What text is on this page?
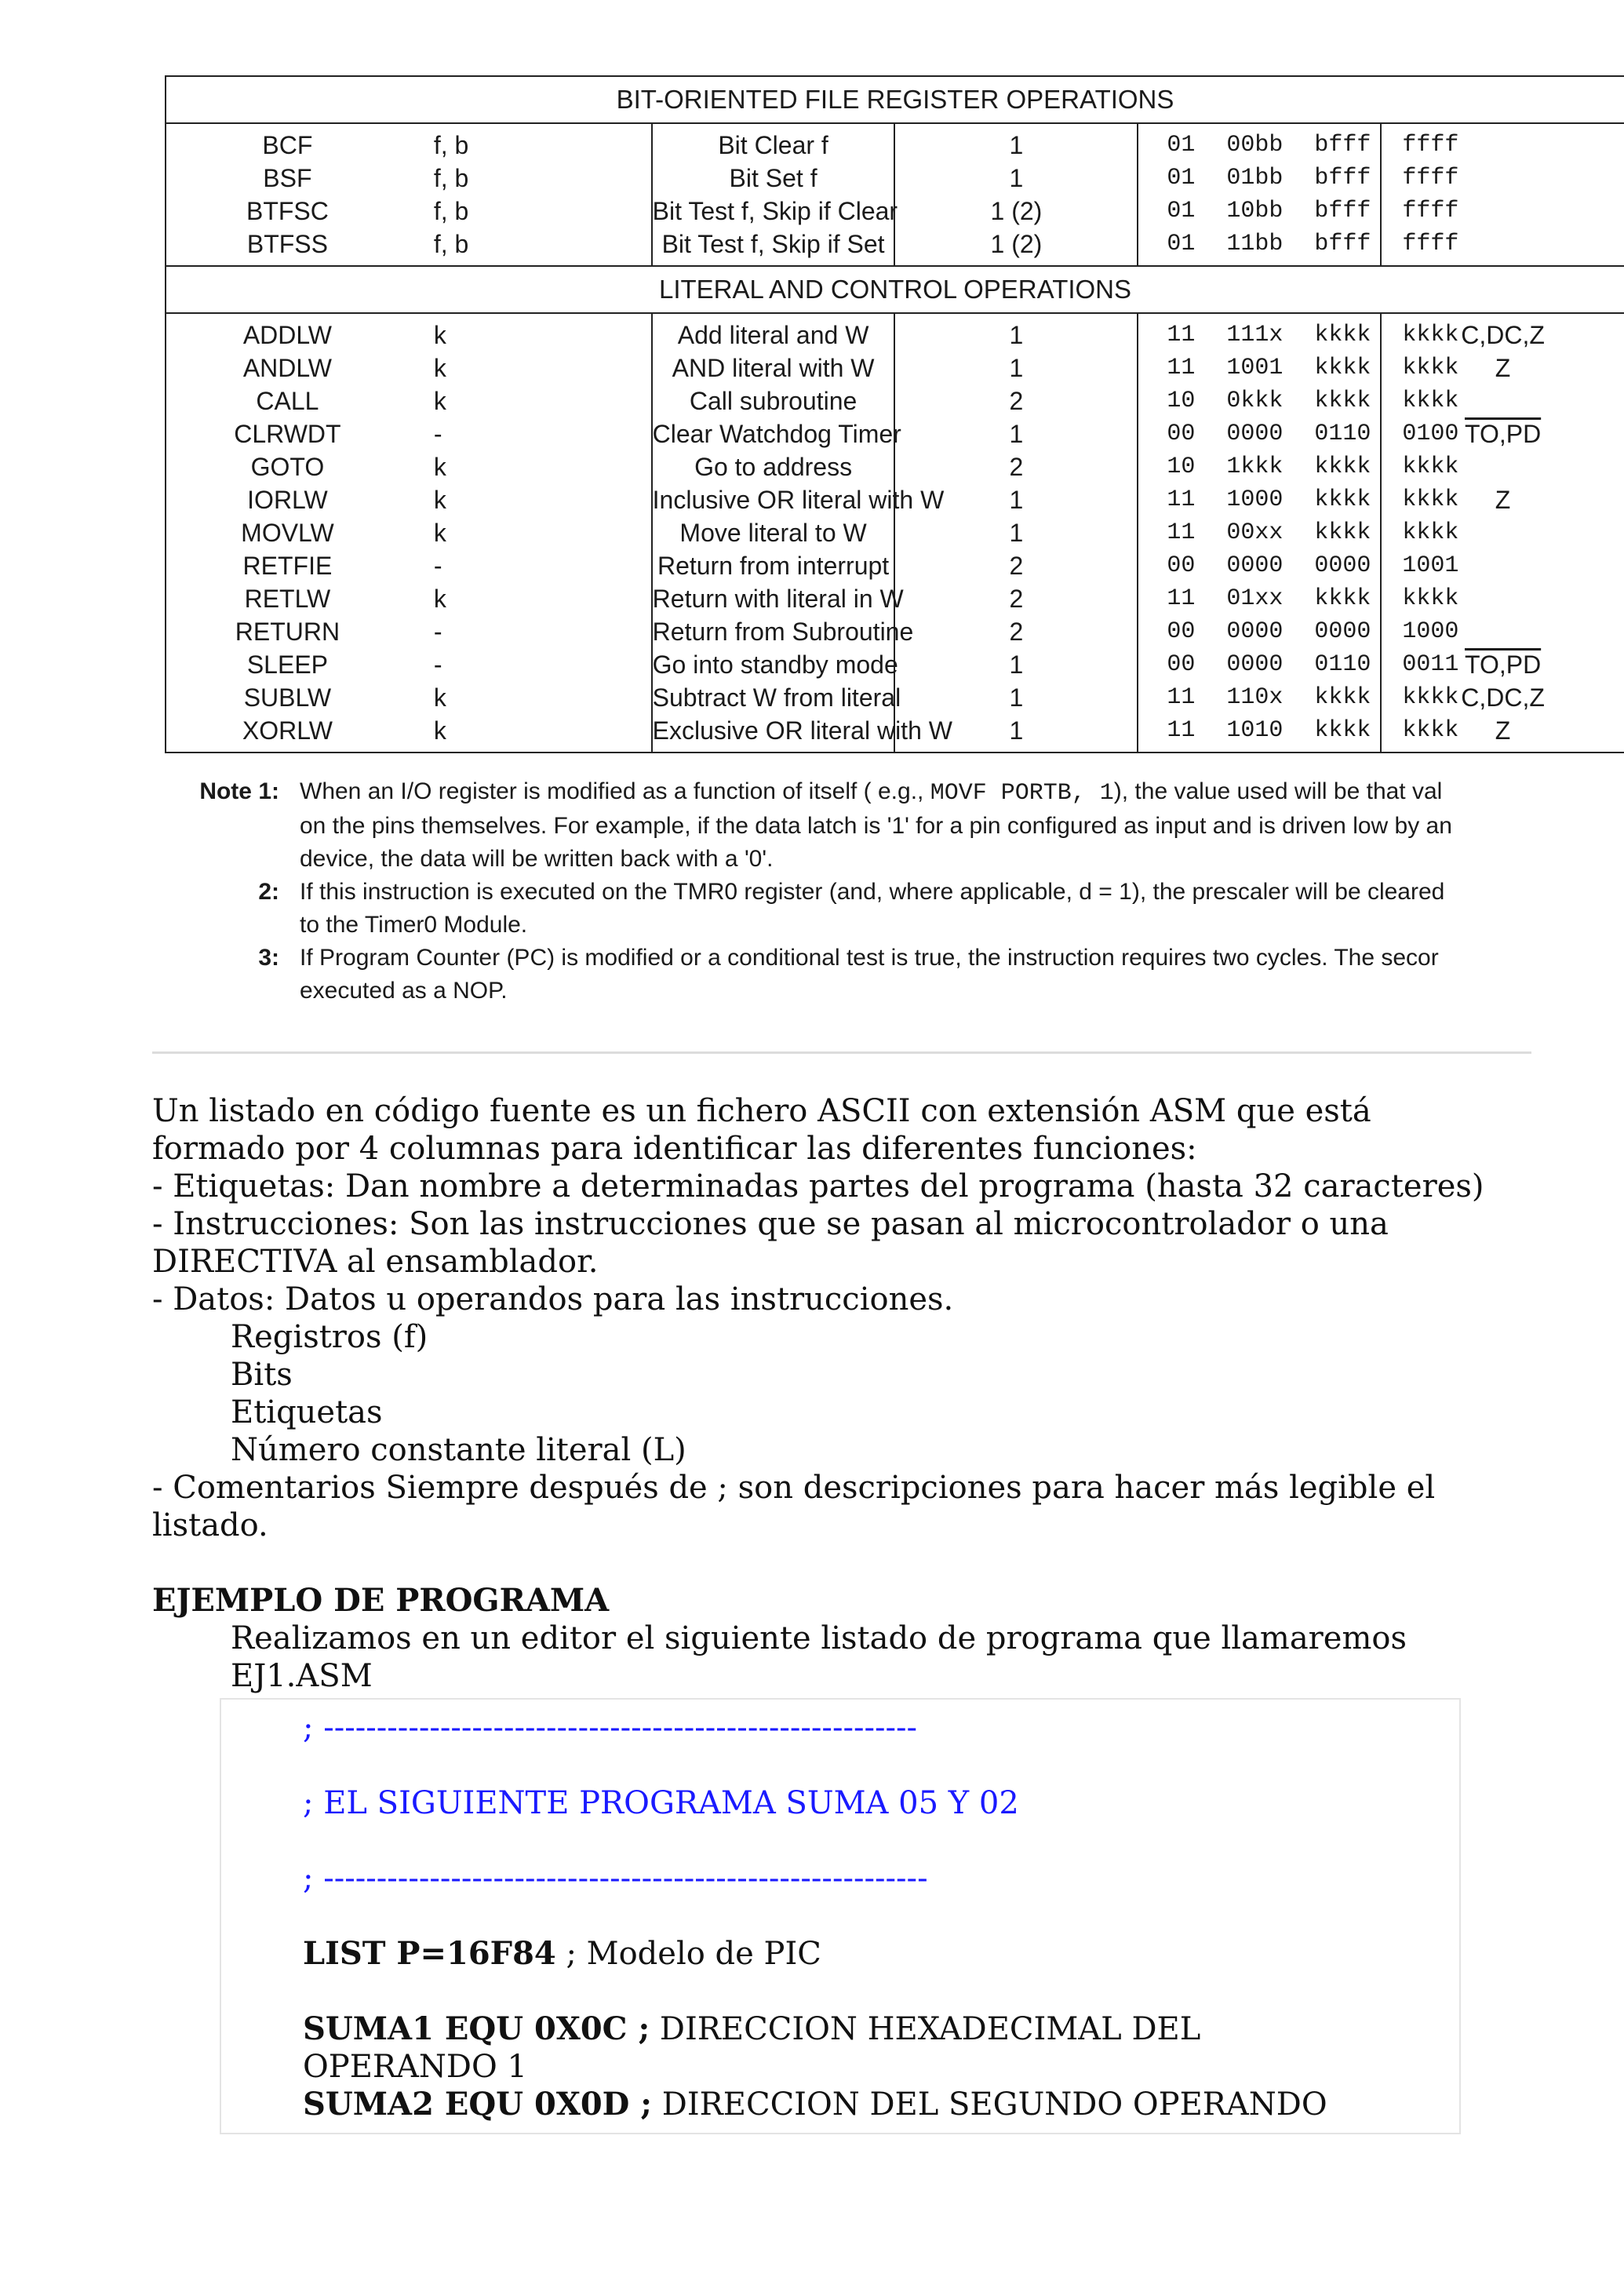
BIT-ORIENTED FILE REGISTER OPERATIONS					
BCF	f, b	Bit Clear f	1	01 00bb bfff ffff	
BSF	f, b	Bit Set f	1	01 01bb bfff ffff	
BTFSC	f, b	Bit Test f, Skip if Clear	1 (2)	01 10bb bfff ffff	
BTFSS	f, b	Bit Test f, Skip if Set	1 (2)	01 11bb bfff ffff	
LITERAL AND CONTROL OPERATIONS					
ADDLW	k	Add literal and W	1	11 111x kkkk kkkk	C,DC,Z
ANDLW	k	AND literal with W	1	11 1001 kkkk kkkk	Z
CALL	k	Call subroutine	2	10 0kkk kkkk kkkk	
CLRWDT	-	Clear Watchdog Timer	1	00 0000 0110 0100	TO,PD
GOTO	k	Go to address	2	10 1kkk kkkk kkkk	
IORLW	k	Inclusive OR literal with W	1	11 1000 kkkk kkkk	Z
MOVLW	k	Move literal to W	1	11 00xx kkkk kkkk	
RETFIE	-	Return from interrupt	2	00 0000 0000 1001	
RETLW	k	Return with literal in W	2	11 01xx kkkk kkkk	
RETURN	-	Return from Subroutine	2	00 0000 0000 1000	
SLEEP	-	Go into standby mode	1	00 0000 0110 0011	TO,PD
SUBLW	k	Subtract W from literal	1	11 110x kkkk kkkk	C,DC,Z
XORLW	k	Exclusive OR literal with W	1	11 1010 kkkk kkkk	Z
Note 1: When an I/O register is modified as a function of itself ( e.g., MOVF PORTB, 1), the value used will be that val
on the pins themselves. For example, if the data latch is '1' for a pin configured as input and is driven low by an
device, the data will be written back with a '0'.
2: If this instruction is executed on the TMR0 register (and, where applicable, d = 1), the prescaler will be cleared
to the Timer0 Module.
3: If Program Counter (PC) is modified or a conditional test is true, the instruction requires two cycles. The secor
executed as a NOP.

Un listado en código fuente es un fichero ASCII con extensión ASM que está

formado por 4 columnas para identificar las diferentes funciones:

- Etiquetas: Dan nombre a determinadas partes del programa (hasta 32 caracteres)

- Instrucciones: Son las instrucciones que se pasan al microcontrolador o una

DIRECTIVA al ensamblador.

- Datos: Datos u operandos para las instrucciones.

Registros (f)

Bits

Etiquetas

Número constante literal (L)

- Comentarios Siempre después de ; son descripciones para hacer más legible el

listado.

EJEMPLO DE PROGRAMA

Realizamos en un editor el siguiente listado de programa que llamaremos

EJ1.ASM

; --------------------------------------------------------

; EL SIGUIENTE PROGRAMA SUMA 05 Y 02

; ---------------------------------------------------------

LIST P=16F84 ; Modelo de PIC

SUMA1 EQU 0X0C ; DIRECCION HEXADECIMAL DEL

OPERANDO 1

SUMA2 EQU 0X0D ; DIRECCION DEL SEGUNDO OPERANDO
